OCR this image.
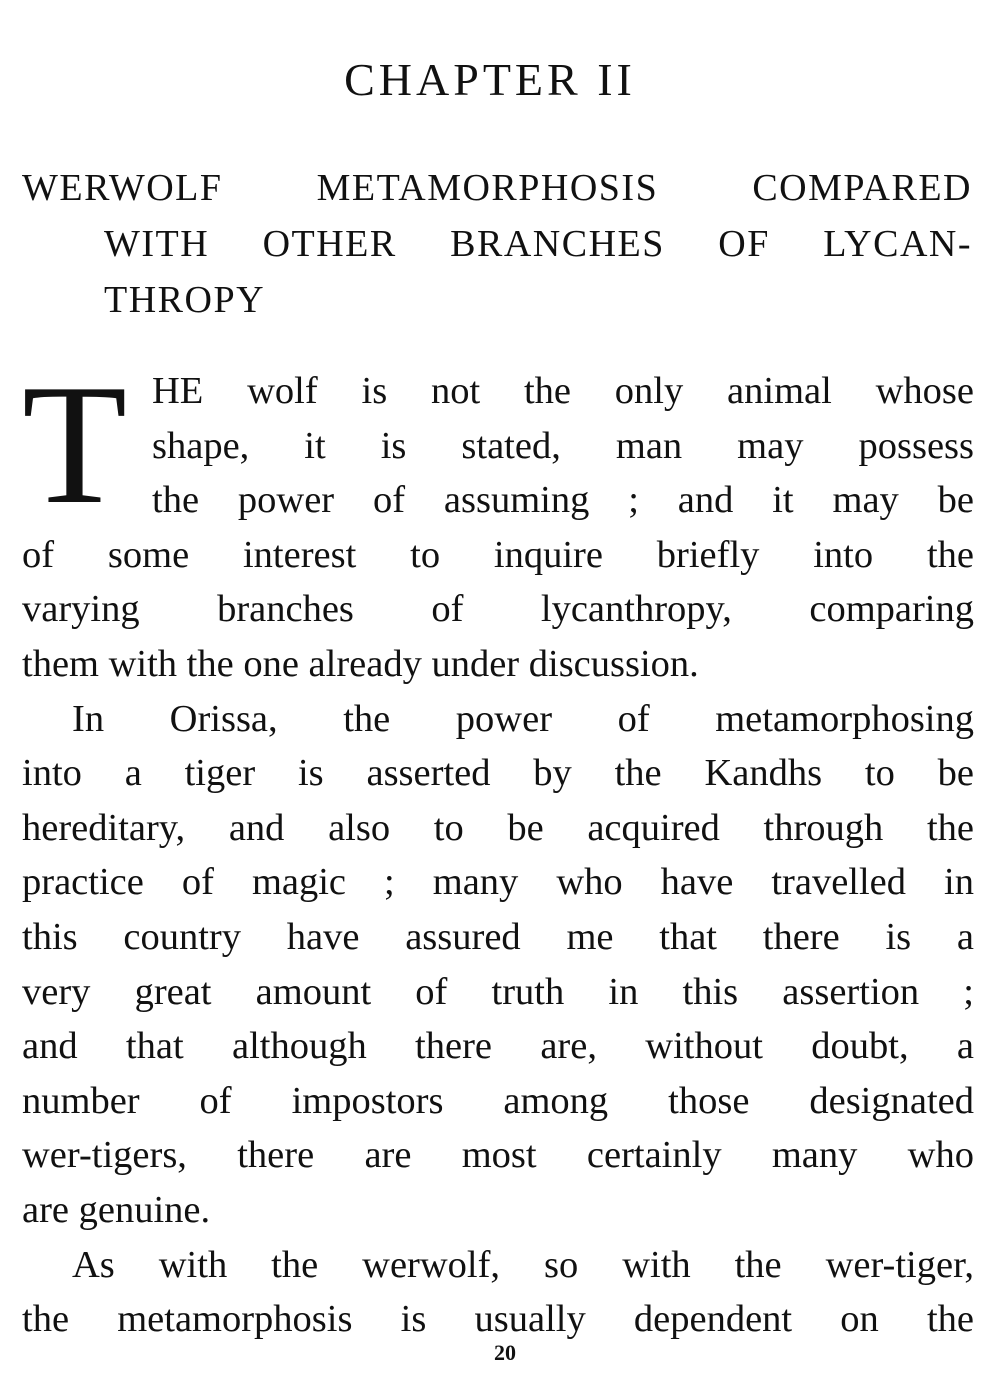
CHAPTER II
WERWOLF METAMORPHOSIS COMPARED
WITH OTHER BRANCHES OF LYCAN-
THROPY
T HE wolf is not the only animal whose
shape, it is stated, man may possess
the power of assuming ; and it may be
of some interest to inquire briefly into the
varying branches of lycanthropy, comparing
them with the one already under discussion.
In Orissa, the power of metamorphosing
into a tiger is asserted by the Kandhs to be
hereditary, and also to be acquired through the
practice of magic ; many who have travelled in
this country have assured me that there is a
very great amount of truth in this assertion ;
and that although there are, without doubt, a
number of impostors among those designated
wer-tigers, there are most certainly many who
are genuine.
As with the werwolf, so with the wer-tiger,
the metamorphosis is usually dependent on the
20
